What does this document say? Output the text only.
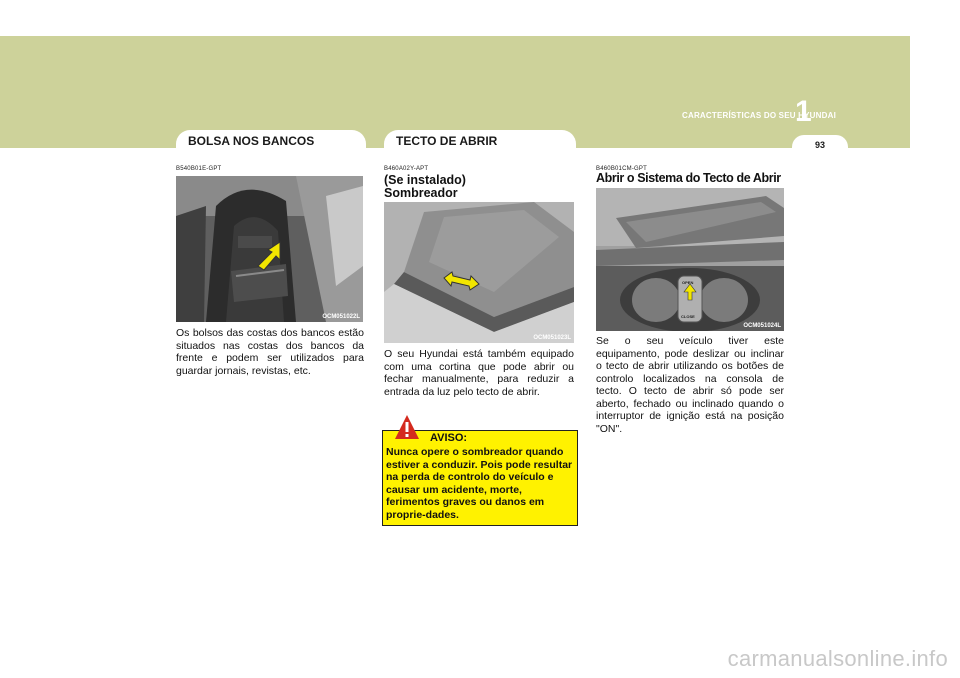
CARACTERÍSTICAS DO SEU HYUNDAI
1
93
BOLSA NOS BANCOS	TECTO DE ABRIR
B540B01E-GPT
OCM051022L
Os bolsos das costas dos bancos estão situados nas costas dos bancos da frente e podem ser utilizados para guardar jornais, revistas, etc.
B460A02Y-APT
(Se instalado)
Sombreador
OCM051023L
O seu Hyundai está também equipado com uma cortina que pode abrir ou fechar manualmente, para reduzir a entrada da luz pelo tecto de abrir.
AVISO:
Nunca opere o sombreador quando estiver a conduzir. Pois pode resultar na perda de controlo do veículo e causar um acidente, morte, ferimentos graves ou danos em proprie-dades.
B460B01CM-GPT
Abrir o Sistema do Tecto de Abrir
OPEN
CLOSE
OCM051024L
Se o seu veículo tiver este equipamento, pode deslizar ou inclinar o tecto de abrir utilizando os botões de controlo localizados na consola de tecto. O tecto de abrir só pode ser aberto, fechado ou inclinado quando o interruptor de ignição está na posição "ON".
carmanualsonline.info
